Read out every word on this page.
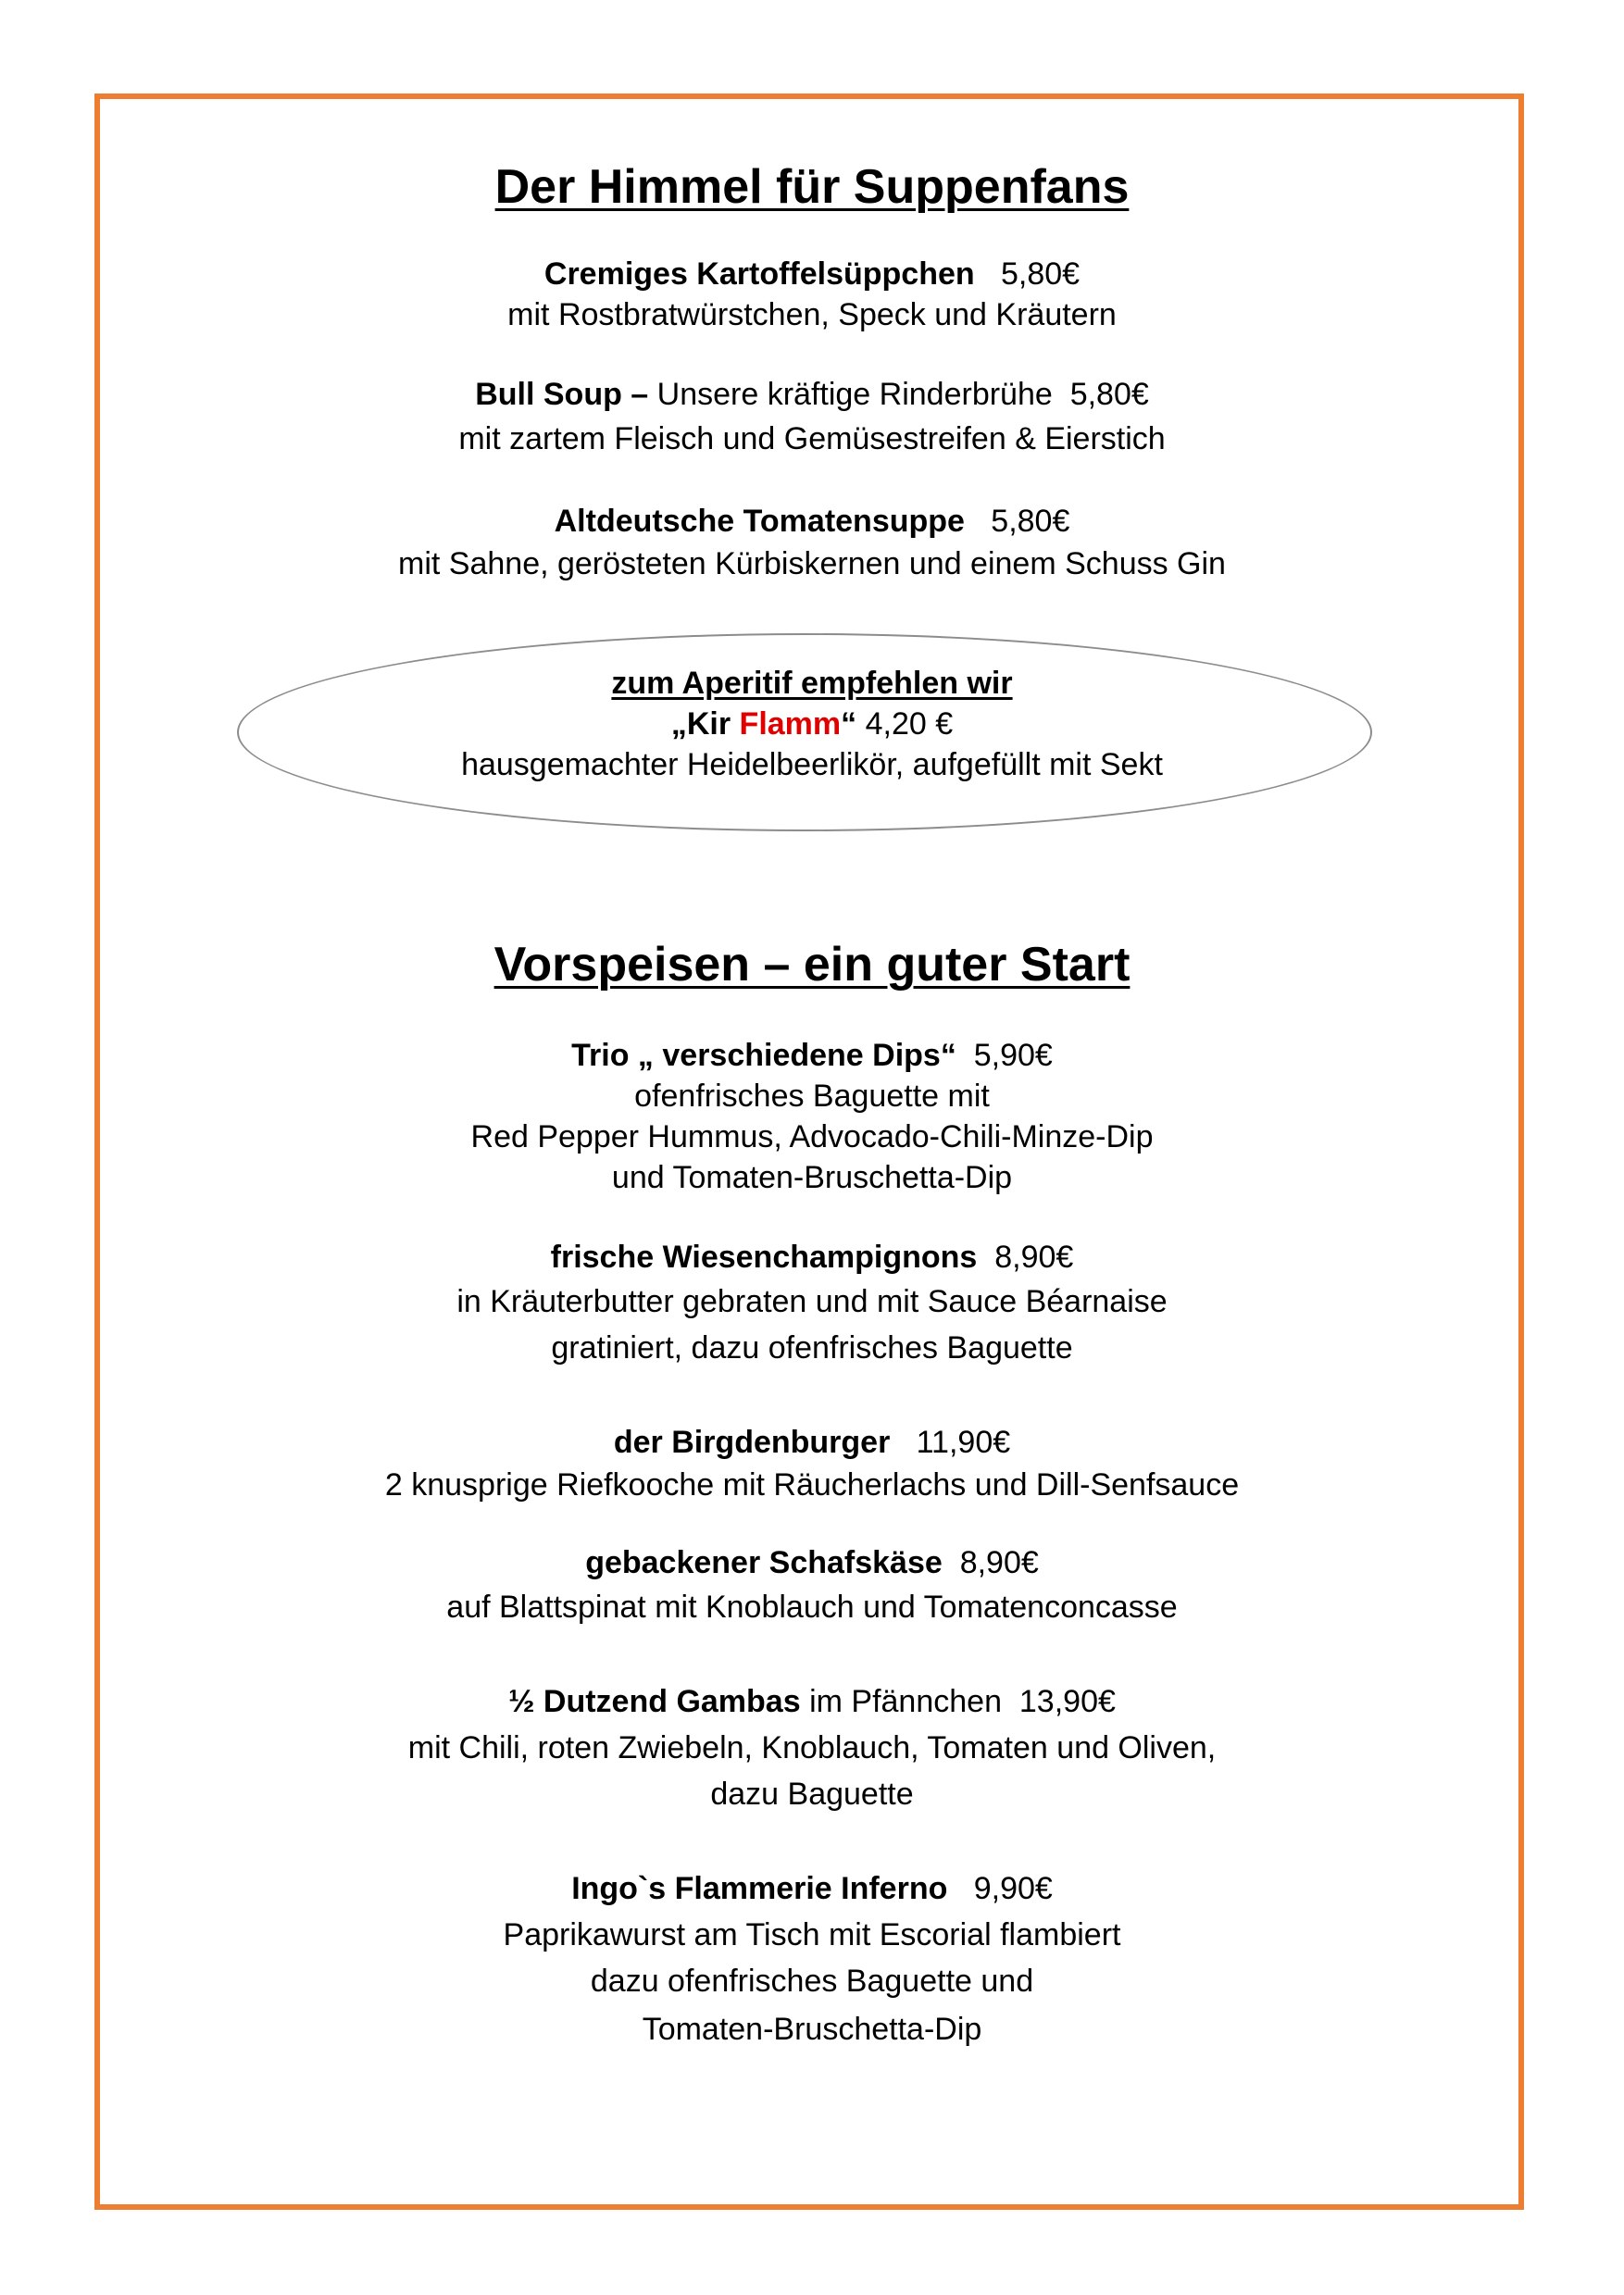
Der Himmel für Suppenfans
Cremiges Kartoffelsüppchen 5,80€
mit Rostbratwürstchen, Speck und Kräutern
Bull Soup – Unsere kräftige Rinderbrühe 5,80€
mit zartem Fleisch und Gemüsestreifen & Eierstich
Altdeutsche Tomatensuppe 5,80€
mit Sahne, gerösteten Kürbiskernen und einem Schuss Gin
zum Aperitif empfehlen wir
„Kir Flamm“ 4,20 €
hausgemachter Heidelbeerlikör, aufgefüllt mit Sekt
Vorspeisen – ein guter Start
Trio „ verschiedene Dips“ 5,90€
ofenfrisches Baguette mit
Red Pepper Hummus, Advocado-Chili-Minze-Dip
und Tomaten-Bruschetta-Dip
frische Wiesenchampignons 8,90€
in Kräuterbutter gebraten und mit Sauce Béarnaise
gratiniert, dazu ofenfrisches Baguette
der Birgdenburger 11,90€
2 knusprige Riefkooche mit Räucherlachs und Dill-Senfsauce
gebackener Schafskäse 8,90€
auf Blattspinat mit Knoblauch und Tomatenconcasse
½ Dutzend Gambas im Pfännchen 13,90€
mit Chili, roten Zwiebeln, Knoblauch, Tomaten und Oliven,
dazu Baguette
Ingo`s Flammerie Inferno 9,90€
Paprikawurst am Tisch mit Escorial flambiert
dazu ofenfrisches Baguette und
Tomaten-Bruschetta-Dip
